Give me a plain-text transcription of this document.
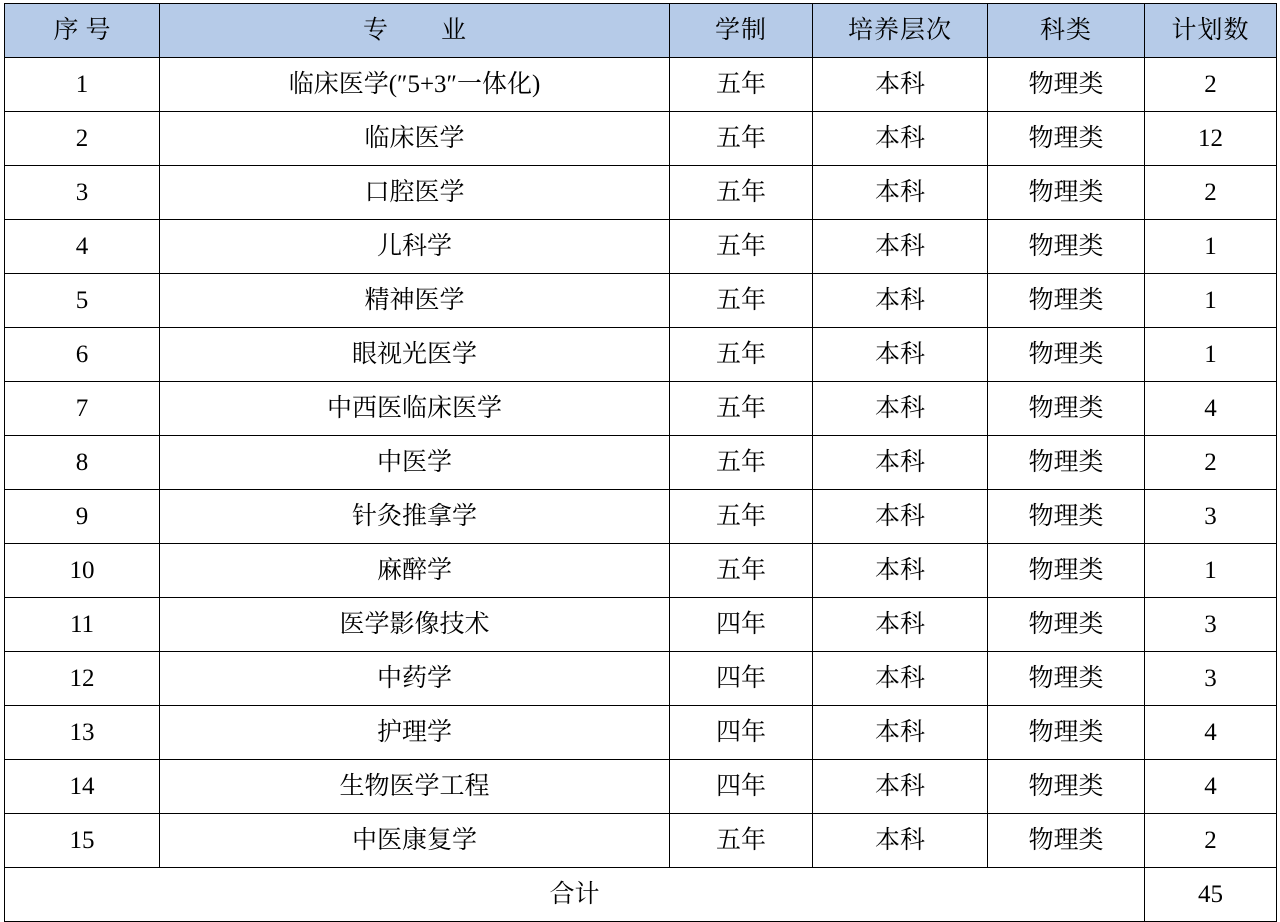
序号	专　业	学制	培养层次	科类	计划数
1	临床医学(″5+3″一体化)	五年	本科	物理类	2
2	临床医学	五年	本科	物理类	12
3	口腔医学	五年	本科	物理类	2
4	儿科学	五年	本科	物理类	1
5	精神医学	五年	本科	物理类	1
6	眼视光医学	五年	本科	物理类	1
7	中西医临床医学	五年	本科	物理类	4
8	中医学	五年	本科	物理类	2
9	针灸推拿学	五年	本科	物理类	3
10	麻醉学	五年	本科	物理类	1
11	医学影像技术	四年	本科	物理类	3
12	中药学	四年	本科	物理类	3
13	护理学	四年	本科	物理类	4
14	生物医学工程	四年	本科	物理类	4
15	中医康复学	五年	本科	物理类	2
合计					45
